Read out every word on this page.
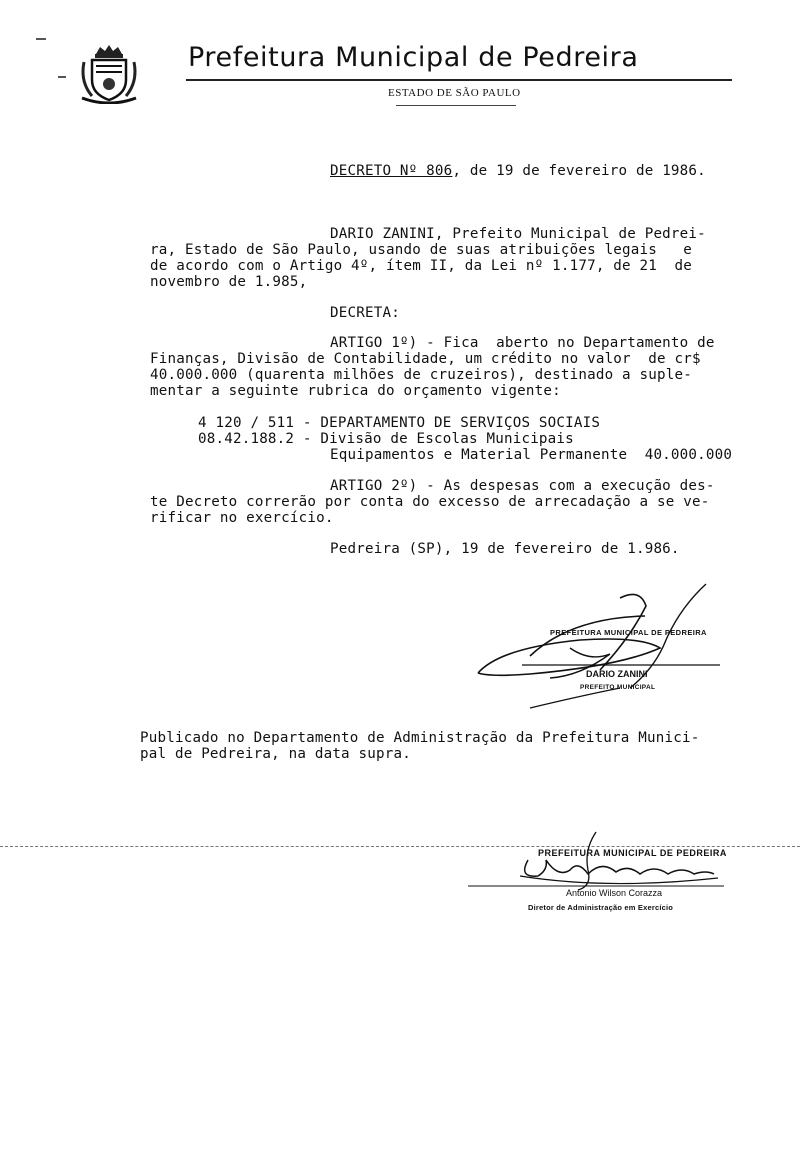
Prefeitura Municipal de Pedreira
ESTADO DE SÃO PAULO
DECRETO Nº 806, de 19 de fevereiro de 1986.
DARIO ZANINI, Prefeito Municipal de Pedrei-
ra, Estado de São Paulo, usando de suas atribuições legais   e
de acordo com o Artigo 4º, ítem II, da Lei nº 1.177, de 21  de
novembro de 1.985,
DECRETA:
ARTIGO 1º) - Fica  aberto no Departamento de
Finanças, Divisão de Contabilidade, um crédito no valor  de cr$
40.000.000 (quarenta milhões de cruzeiros), destinado a suple-
mentar a seguinte rubrica do orçamento vigente:
4 120 / 511 - DEPARTAMENTO DE SERVIÇOS SOCIAIS
08.42.188.2 - Divisão de Escolas Municipais
Equipamentos e Material Permanente  40.000.000
ARTIGO 2º) - As despesas com a execução des-
te Decreto correrão por conta do excesso de arrecadação a se ve-
rificar no exercício.
Pedreira (SP), 19 de fevereiro de 1.986.
PREFEITURA MUNICIPAL DE PEDREIRA
DARIO ZANINI
PREFEITO MUNICIPAL
Publicado no Departamento de Administração da Prefeitura Munici-
pal de Pedreira, na data supra.
PREFEITURA MUNICIPAL DE PEDREIRA
Antonio Wilson Corazza
Diretor de Administração em Exercício
